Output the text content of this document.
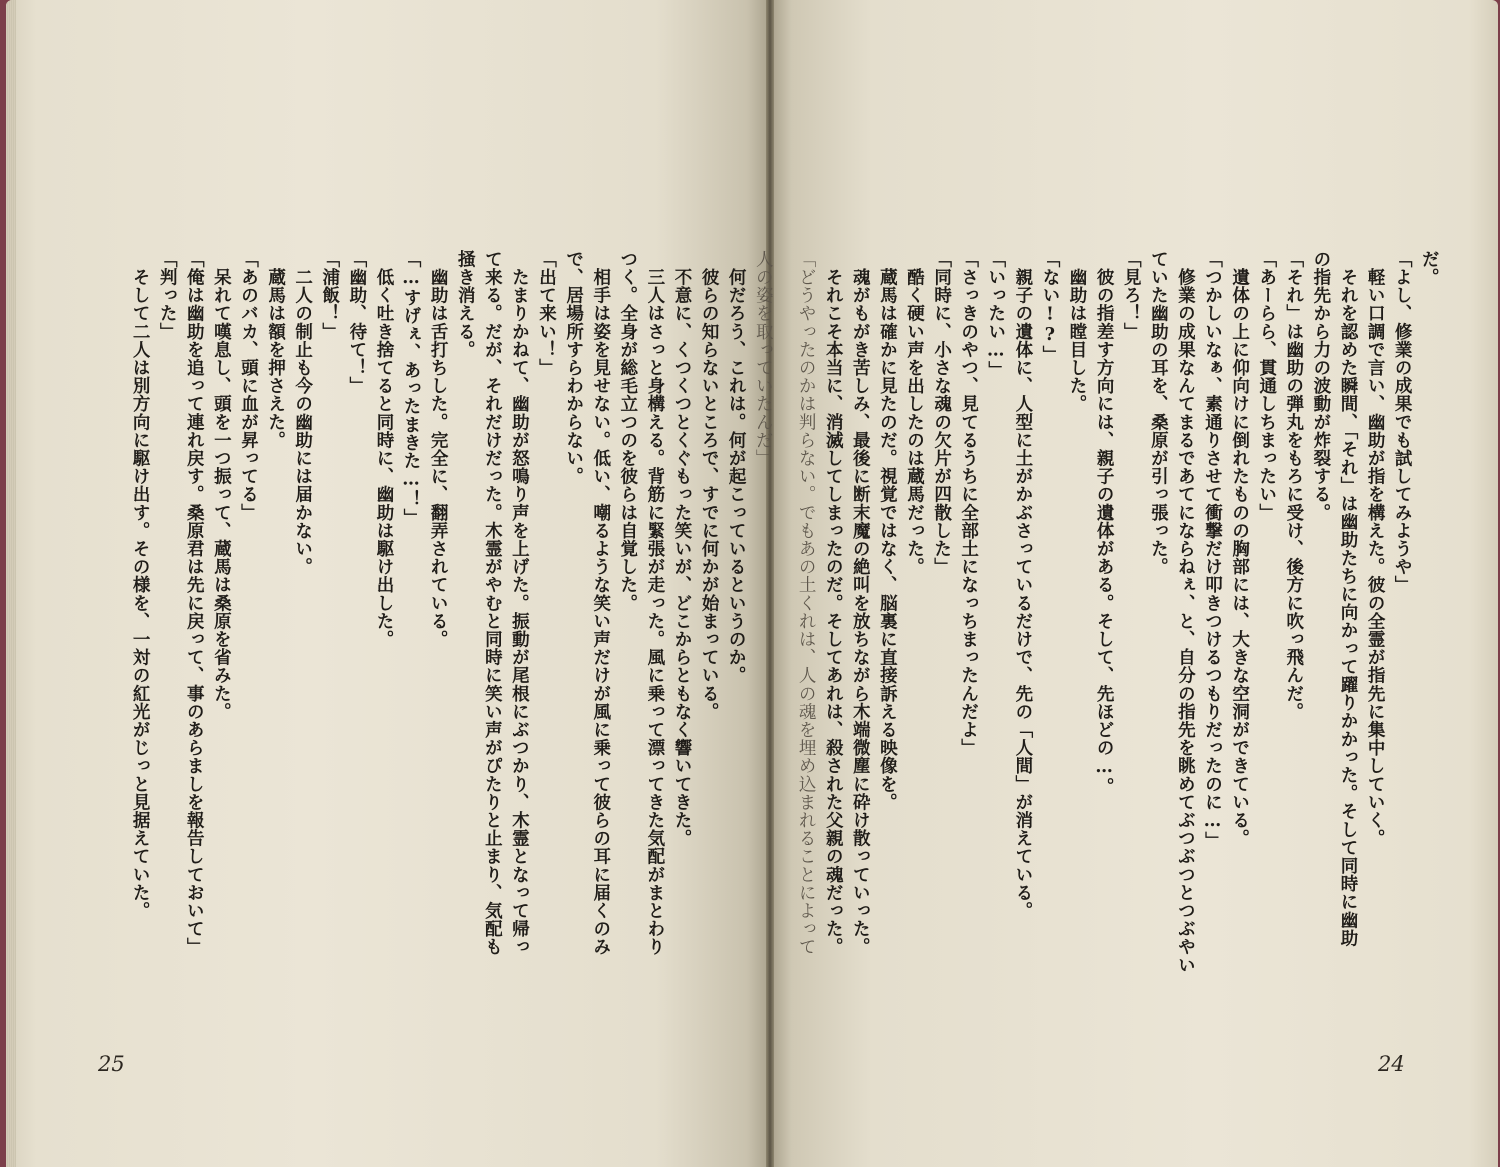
人の姿を取っていたんだ」
　何だろう、これは。何が起こっているというのか。
　彼らの知らないところで、すでに何かが始まっている。
　不意に、くつくつとくぐもった笑いが、どこからともなく響いてきた。
　三人はさっと身構える。背筋に緊張が走った。風に乗って漂ってきた気配がまとわり
つく。全身が総毛立つのを彼らは自覚した。
　相手は姿を見せない。低い、嘲るような笑い声だけが風に乗って彼らの耳に届くのみ
で、居場所すらわからない。
「出て来い！」
　たまりかねて、幽助が怒鳴り声を上げた。振動が尾根にぶつかり、木霊となって帰っ
て来る。だが、それだけだった。木霊がやむと同時に笑い声がぴたりと止まり、気配も
掻き消える。
　幽助は舌打ちした。完全に、翻弄されている。
「…すげぇ、あったまきた…！」
　低く吐き捨てると同時に、幽助は駆け出した。
「幽助、待て！」
「浦飯！」
　二人の制止も今の幽助には届かない。
　蔵馬は額を押さえた。
「あのバカ、頭に血が昇ってる」
　呆れて嘆息し、頭を一つ振って、蔵馬は桑原を省みた。
「俺は幽助を追って連れ戻す。桑原君は先に戻って、事のあらましを報告しておいて」
「判った」
　そして二人は別方向に駆け出す。その様を、一対の紅光がじっと見据えていた。	だ。
「よし、修業の成果でも試してみようや」
　軽い口調で言い、幽助が指を構えた。彼の全霊が指先に集中していく。
　それを認めた瞬間、「それ」は幽助たちに向かって躍りかかった。そして同時に幽助
の指先から力の波動が炸裂する。
「それ」は幽助の弾丸をもろに受け、後方に吹っ飛んだ。
「あーらら、貫通しちまったい」
　遺体の上に仰向けに倒れたものの胸部には、大きな空洞ができている。
「つかしいなぁ、素通りさせて衝撃だけ叩きつけるつもりだったのに…」
　修業の成果なんてまるであてにならねぇ、と、自分の指先を眺めてぶつぶつとつぶやい
ていた幽助の耳を、桑原が引っ張った。
「見ろ！」
　彼の指差す方向には、親子の遺体がある。そして、先ほどの…。
　幽助は瞠目した。
「ない!?」
　親子の遺体に、人型に土がかぶさっているだけで、先の「人間」が消えている。
「いったい…」
「さっきのやつ、見てるうちに全部土になっちまったんだよ」
「同時に、小さな魂の欠片が四散した」
　酷く硬い声を出したのは蔵馬だった。
　蔵馬は確かに見たのだ。視覚ではなく、脳裏に直接訴える映像を。
　魂がもがき苦しみ、最後に断末魔の絶叫を放ちながら木端微塵に砕け散っていった。
　それこそ本当に、消滅してしまったのだ。そしてあれは、殺された父親の魂だった。
「どうやったのかは判らない。でもあの土くれは、人の魂を埋め込まれることによって
25	24
